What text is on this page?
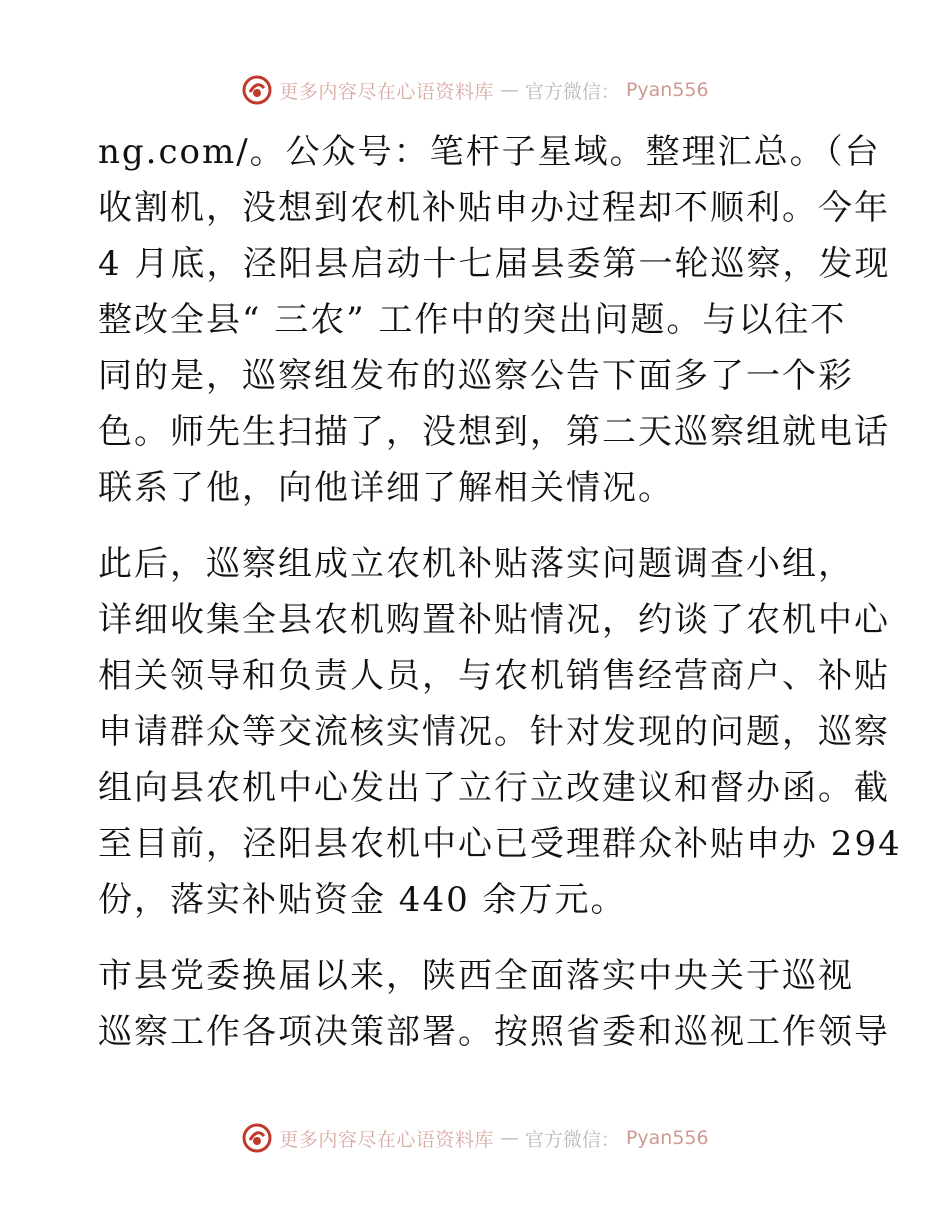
更多内容尽在心语资料库 — 官方微信： Pyan556

ng.com/。公众号：笔杆子星域。整理汇总。（台
收割机，没想到农机补贴申办过程却不顺利。今年
4 月底，泾阳县启动十七届县委第一轮巡察，发现
整改全县“ 三农” 工作中的突出问题。与以往不
同的是，巡察组发布的巡察公告下面多了一个彩
色。师先生扫描了，没想到，第二天巡察组就电话
联系了他，向他详细了解相关情况。

此后，巡察组成立农机补贴落实问题调查小组，
详细收集全县农机购置补贴情况，约谈了农机中心
相关领导和负责人员，与农机销售经营商户、补贴
申请群众等交流核实情况。针对发现的问题，巡察
组向县农机中心发出了立行立改建议和督办函。截
至目前，泾阳县农机中心已受理群众补贴申办 294
份，落实补贴资金 440 余万元。

市县党委换届以来，陕西全面落实中央关于巡视
巡察工作各项决策部署。按照省委和巡视工作领导

更多内容尽在心语资料库 — 官方微信： Pyan556
